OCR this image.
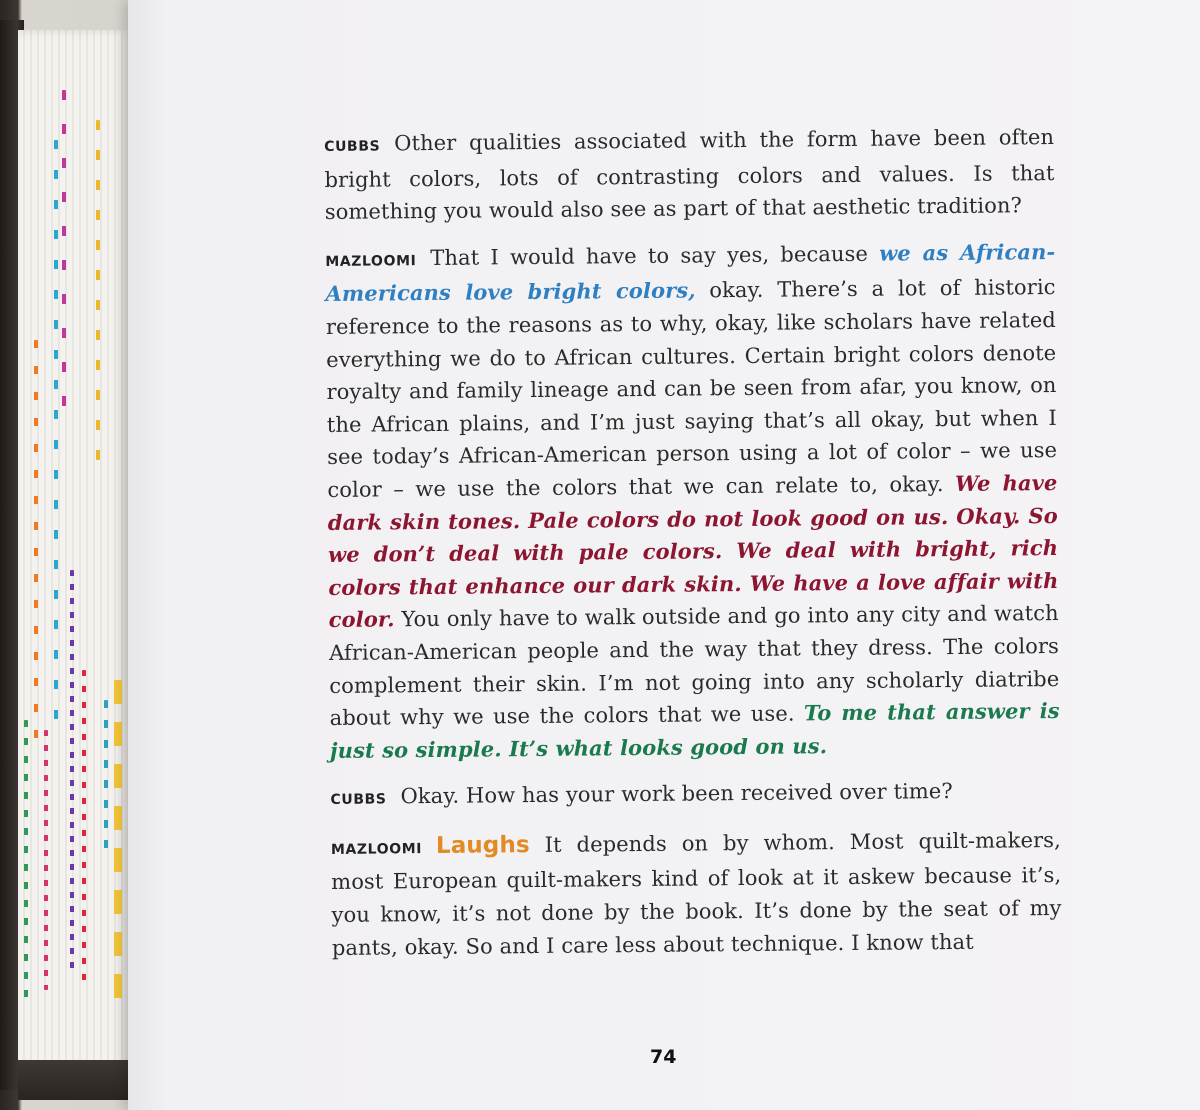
CUBBS Other qualities associated with the form have been often bright colors, lots of contrasting colors and values. Is that something you would also see as part of that aesthetic tradition?

MAZLOOMI That I would have to say yes, because we as African-Americans love bright colors, okay. There’s a lot of historic reference to the reasons as to why, okay, like scholars have related everything we do to African cultures. Certain bright colors denote royalty and family lineage and can be seen from afar, you know, on the African plains, and I’m just saying that’s all okay, but when I see today’s African-American person using a lot of color – we use color – we use the colors that we can relate to, okay. We have dark skin tones. Pale colors do not look good on us. Okay. So we don’t deal with pale colors. We deal with bright, rich colors that enhance our dark skin. We have a love affair with color. You only have to walk outside and go into any city and watch African-American people and the way that they dress. The colors complement their skin. I’m not going into any scholarly diatribe about why we use the colors that we use. To me that answer is just so simple. It’s what looks good on us.

CUBBS Okay. How has your work been received over time?

MAZLOOMI Laughs It depends on by whom. Most quilt-makers, most European quilt-makers kind of look at it askew because it’s, you know, it’s not done by the book. It’s done by the seat of my pants, okay. So and I care less about technique. I know that

74
